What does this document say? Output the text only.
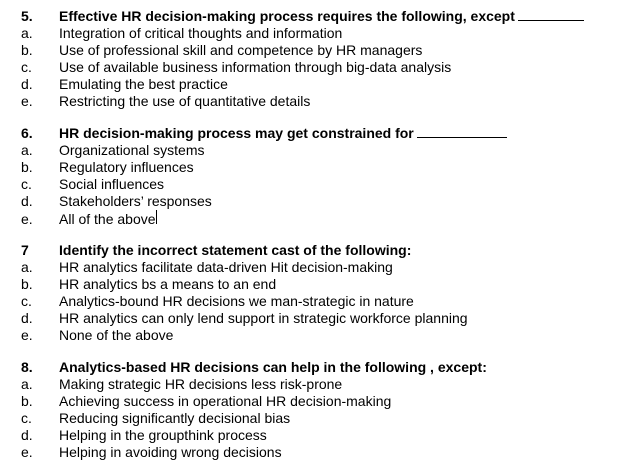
5.	Effective HR decision-making process requires the following, except
a.	Integration of critical thoughts and information
b.	Use of professional skill and competence by HR managers
c.	Use of available business information through big-data analysis
d.	Emulating the best practice
e.	Restricting the use of quantitative details
6.	HR decision-making process may get constrained for
a.	Organizational systems
b.	Regulatory influences
c.	Social influences
d.	Stakeholders’ responses
e.	All of the above
7	Identify the incorrect statement cast of the following:
a.	HR analytics facilitate data-driven Hit decision-making
b.	HR analytics bs a means to an end
c.	Analytics-bound HR decisions we man-strategic in nature
d.	HR analytics can only lend support in strategic workforce planning
e.	None of the above
8.	Analytics-based HR decisions can help in the following , except:
a.	Making strategic HR decisions less risk-prone
b.	Achieving success in operational HR decision-making
c.	Reducing significantly decisional bias
d.	Helping in the groupthink process
e.	Helping in avoiding wrong decisions
